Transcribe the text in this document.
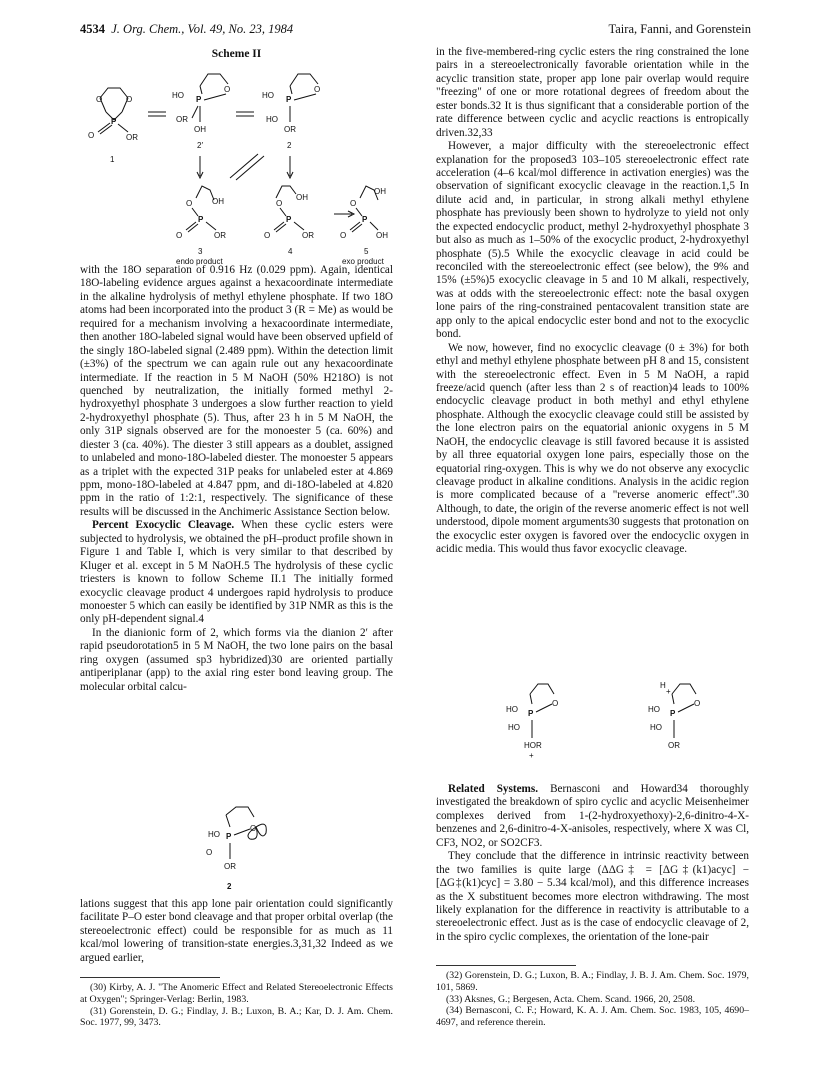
4534 J. Org. Chem., Vol. 49, No. 23, 1984	Taira, Fanni, and Gorenstein
Scheme II
O	O
P
O	OR
1
HO P
O
OR
OH
2′
HO P
O
HO
OR
2
OH
O
P
O	OR
3
endo product
O
OH
P
O	OR
4
OH
O
P
O	OH
5
exo product

with the 18O separation of 0.916 Hz (0.029 ppm). Again, identical 18O-labeling evidence argues against a hexacoordinate intermediate in the alkaline hydrolysis of methyl ethylene phosphate. If two 18O atoms had been incorporated into the product 3 (R = Me) as would be required for a mechanism involving a hexacoordinate intermediate, then another 18O-labeled signal would have been observed upfield of the singly 18O-labeled signal (2.489 ppm). Within the detection limit (±3%) of the spectrum we can again rule out any hexacoordinate intermediate. If the reaction in 5 M NaOH (50% H218O) is not quenched by neutralization, the initially formed methyl 2-hydroxyethyl phosphate 3 undergoes a slow further reaction to yield 2-hydroxyethyl phosphate (5). Thus, after 23 h in 5 M NaOH, the only 31P signals observed are for the monoester 5 (ca. 60%) and diester 3 (ca. 40%). The diester 3 still appears as a doublet, assigned to unlabeled and mono-18O-labeled diester. The monoester 5 appears as a triplet with the expected 31P peaks for unlabeled ester at 4.869 ppm, mono-18O-labeled at 4.847 ppm, and di-18O-labeled at 4.820 ppm in the ratio of 1:2:1, respectively. The significance of these results will be discussed in the Anchimeric Assistance Section below.

Percent Exocyclic Cleavage. When these cyclic esters were subjected to hydrolysis, we obtained the pH–product profile shown in Figure 1 and Table I, which is very similar to that described by Kluger et al. except in 5 M NaOH.5 The hydrolysis of these cyclic triesters is known to follow Scheme II.1 The initially formed exocyclic cleavage product 4 undergoes rapid hydrolysis to produce monoester 5 which can easily be identified by 31P NMR as this is the only pH-dependent signal.4

In the dianionic form of 2, which forms via the dianion 2′ after rapid pseudorotation5 in 5 M NaOH, the two lone pairs on the basal ring oxygen (assumed sp3 hybridized)30 are oriented partially antiperiplanar (app) to the axial ring ester bond leaving group. The molecular orbital calcu-

HO P
O
O
OR
2

lations suggest that this app lone pair orientation could significantly facilitate P–O ester bond cleavage and that proper orbital overlap (the stereoelectronic effect) could be responsible for as much as 11 kcal/mol lowering of transition-state energies.3,31,32 Indeed as we argued earlier,

(30) Kirby, A. J. "The Anomeric Effect and Related Stereoelectronic Effects at Oxygen"; Springer-Verlag: Berlin, 1983.
(31) Gorenstein, D. G.; Findlay, J. B.; Luxon, B. A.; Kar, D. J. Am. Chem. Soc. 1977, 99, 3473.

in the five-membered-ring cyclic esters the ring constrained the lone pairs in a stereoelectronically favorable orientation while in the acyclic transition state, proper app lone pair overlap would require "freezing" of one or more rotational degrees of freedom about the ester bonds.32 It is thus significant that a considerable portion of the rate difference between cyclic and acyclic reactions is entropically driven.32,33

However, a major difficulty with the stereoelectronic effect explanation for the proposed3 103–105 stereoelectronic effect rate acceleration (4–6 kcal/mol difference in activation energies) was the observation of significant exocyclic cleavage in the reaction.1,5 In dilute acid and, in particular, in strong alkali methyl ethylene phosphate has previously been shown to hydrolyze to yield not only the expected endocyclic product, methyl 2-hydroxyethyl phosphate 3 but also as much as 1–50% of the exocyclic product, 2-hydroxyethyl phosphate (5).5 While the exocyclic cleavage in acid could be reconciled with the stereoelectronic effect (see below), the 9% and 15% (±5%)5 exocyclic cleavage in 5 and 10 M alkali, respectively, was at odds with the stereoelectronic effect: note the basal oxygen lone pairs of the ring-constrained pentacovalent transition state are app only to the apical endocyclic ester bond and not to the exocyclic bond.

We now, however, find no exocyclic cleavage (0 ± 3%) for both ethyl and methyl ethylene phosphate between pH 8 and 15, consistent with the stereoelectronic effect. Even in 5 M NaOH, a rapid freeze/acid quench (after less than 2 s of reaction)4 leads to 100% endocyclic cleavage product in both methyl and ethyl ethylene phosphate. Although the exocyclic cleavage could still be assisted by the lone electron pairs on the equatorial anionic oxygens in 5 M NaOH, the endocyclic cleavage is still favored because it is assisted by all three equatorial oxygen lone pairs, especially those on the equatorial ring-oxygen. This is why we do not observe any exocyclic cleavage product in alkaline conditions. Analysis in the acidic region is more complicated because of a "reverse anomeric effect".30 Although, to date, the origin of the reverse anomeric effect is not well understood, dipole moment arguments30 suggests that protonation on the exocyclic ester oxygen is favored over the endocyclic oxygen in acidic media. This would thus favor exocyclic cleavage.

HO P
O
HO
HOR
+
H
+
HO P
O
HO
OR

Related Systems. Bernasconi and Howard34 thoroughly investigated the breakdown of spiro cyclic and acyclic Meisenheimer complexes derived from 1-(2-hydroxyethoxy)-2,6-dinitro-4-X-benzenes and 2,6-dinitro-4-X-anisoles, respectively, where X was Cl, CF3, NO2, or SO2CF3.

They conclude that the difference in intrinsic reactivity between the two families is quite large (ΔΔG‡ = [ΔG‡(k1)acyc] − [ΔG‡(k1)cyc] = 3.80 − 5.34 kcal/mol), and this difference increases as the X substituent becomes more electron withdrawing. The most likely explanation for the difference in reactivity is attributable to a stereoelectronic effect. Just as is the case of endocyclic cleavage of 2, in the spiro cyclic complexes, the orientation of the lone-pair

(32) Gorenstein, D. G.; Luxon, B. A.; Findlay, J. B. J. Am. Chem. Soc. 1979, 101, 5869.
(33) Aksnes, G.; Bergesen, Acta. Chem. Scand. 1966, 20, 2508.
(34) Bernasconi, C. F.; Howard, K. A. J. Am. Chem. Soc. 1983, 105, 4690–4697, and reference therein.
